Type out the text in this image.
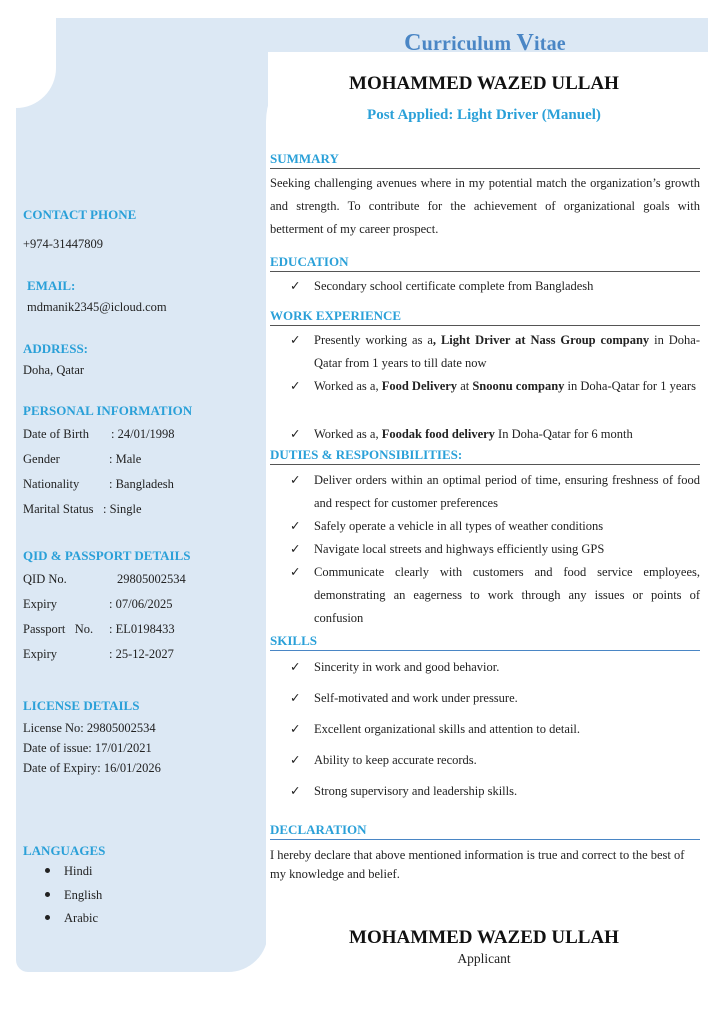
Curriculum Vitae
MOHAMMED WAZED ULLAH
Post Applied: Light Driver (Manuel)
CONTACT PHONE
+974-31447809
EMAIL:
mdmanik2345@icloud.com
ADDRESS:
Doha, Qatar
PERSONAL INFORMATION
Date of Birth : 24/01/1998
Gender	: Male
Nationality : Bangladesh
Marital Status : Single
QID & PASSPORT DETAILS
QID No.	29805002534
Expiry	: 07/06/2025
Passport   No. : EL0198433
Expiry	: 25-12-2027
LICENSE DETAILS
License No: 29805002534
Date of issue: 17/01/2021
Date of Expiry: 16/01/2026
LANGUAGES
Hindi
English
Arabic
SUMMARY
Seeking challenging avenues where in my potential match the organization’s growth and strength. To contribute for the achievement of organizational goals with betterment of my career prospect.
EDUCATION
✓	Secondary school certificate complete from Bangladesh
WORK EXPERIENCE
✓	Presently working as a, Light Driver at Nass Group company in Doha-Qatar from 1 years to till date now
✓	Worked as a, Food Delivery at Snoonu company in Doha-Qatar for 1 years
✓	Worked as a, Foodak food delivery In Doha-Qatar for 6 month
DUTIES & RESPONSIBILITIES:
✓	Deliver orders within an optimal period of time, ensuring freshness of food and respect for customer preferences
✓	Safely operate a vehicle in all types of weather conditions
✓	Navigate local streets and highways efficiently using GPS
✓	Communicate clearly with customers and food service employees, demonstrating an eagerness to work through any issues or points of confusion
SKILLS
✓	Sincerity in work and good behavior.
✓	Self-motivated and work under pressure.
✓	Excellent organizational skills and attention to detail.
✓	Ability to keep accurate records.
✓	Strong supervisory and leadership skills.
DECLARATION
I hereby declare that above mentioned information is true and correct to the best of my knowledge and belief.
MOHAMMED WAZED ULLAH
Applicant
